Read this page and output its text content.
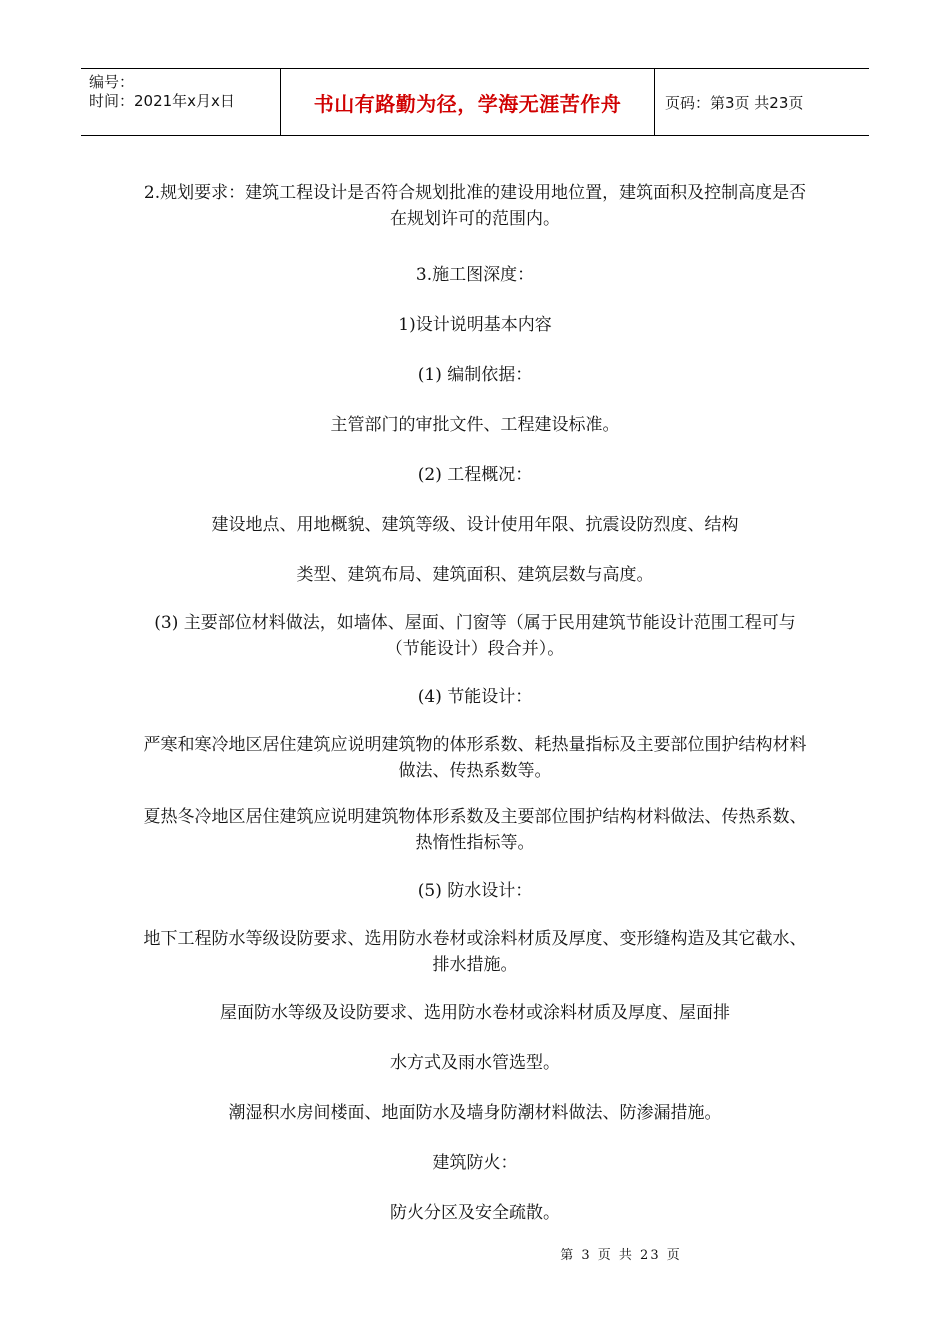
编号：
时间：2021年x月x日	书山有路勤为径，学海无涯苦作舟	页码：第3页 共23页

2.规划要求：建筑工程设计是否符合规划批准的建设用地位置，建筑面积及控制高度是否在规划许可的范围内。

3.施工图深度：

1)设计说明基本内容

(1) 编制依据：

主管部门的审批文件、工程建设标准。

(2) 工程概况：

建设地点、用地概貌、建筑等级、设计使用年限、抗震设防烈度、结构

类型、建筑布局、建筑面积、建筑层数与高度。

(3) 主要部位材料做法，如墙体、屋面、门窗等（属于民用建筑节能设计范围工程可与（节能设计）段合并）。

(4) 节能设计：

严寒和寒冷地区居住建筑应说明建筑物的体形系数、耗热量指标及主要部位围护结构材料做法、传热系数等。

夏热冬冷地区居住建筑应说明建筑物体形系数及主要部位围护结构材料做法、传热系数、热惰性指标等。

(5) 防水设计：

地下工程防水等级设防要求、选用防水卷材或涂料材质及厚度、变形缝构造及其它截水、排水措施。

屋面防水等级及设防要求、选用防水卷材或涂料材质及厚度、屋面排

水方式及雨水管选型。

潮湿积水房间楼面、地面防水及墙身防潮材料做法、防渗漏措施。

建筑防火：

防火分区及安全疏散。

第 3 页 共 23 页
